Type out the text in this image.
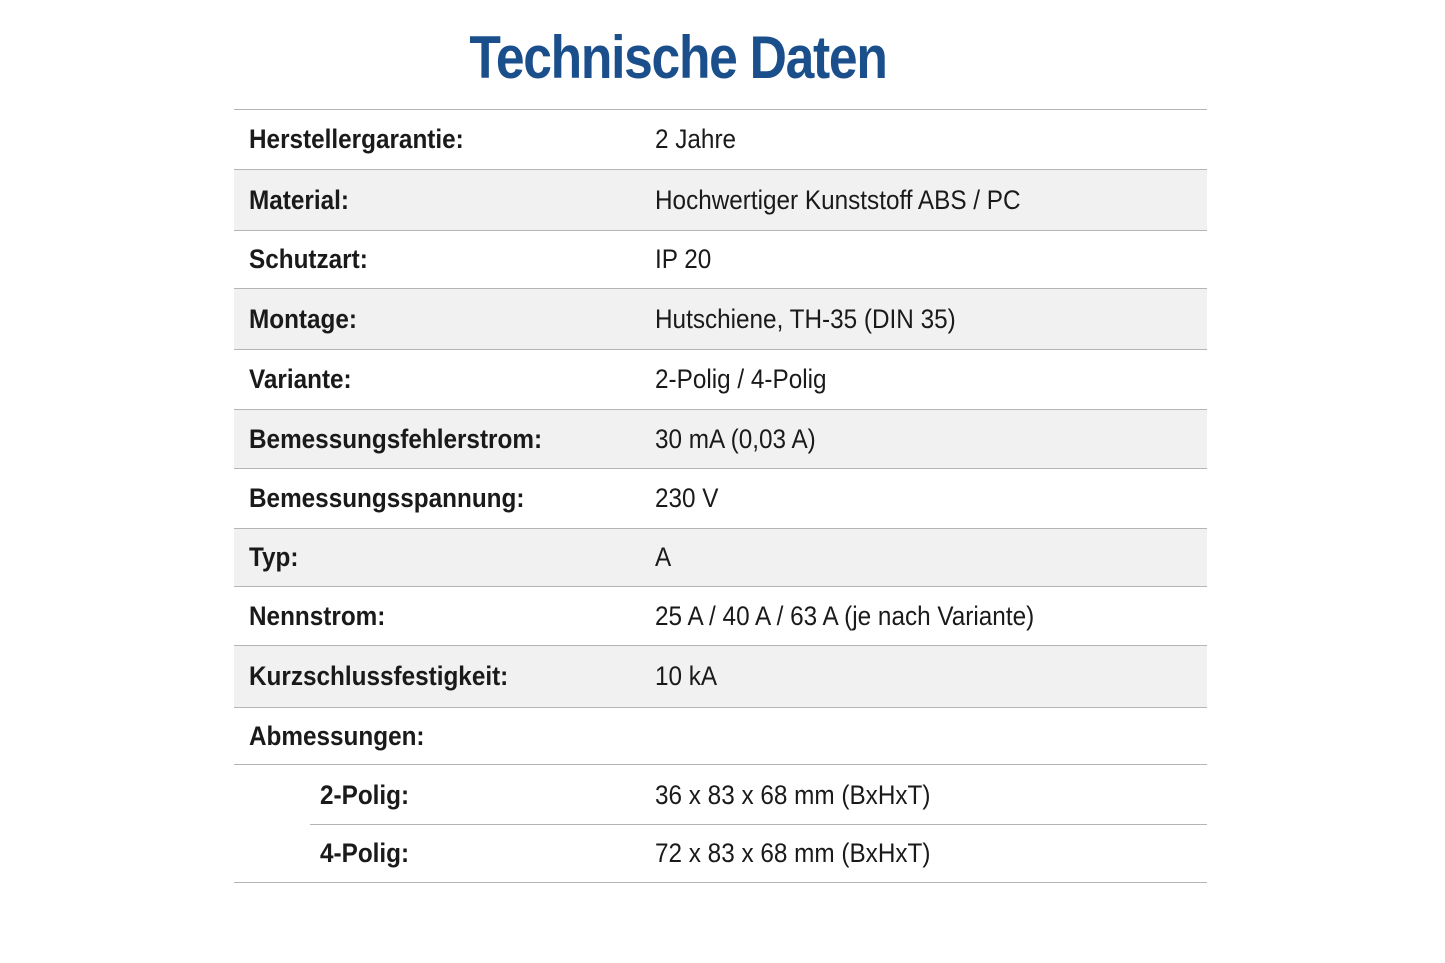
Technische Daten
Herstellergarantie:	2 Jahre
Material:	Hochwertiger Kunststoff ABS / PC
Schutzart:	IP 20
Montage:	Hutschiene, TH-35 (DIN 35)
Variante:	2-Polig / 4-Polig
Bemessungsfehlerstrom:	30 mA (0,03 A)
Bemessungsspannung:	230 V
Typ:	A
Nennstrom:	25 A / 40 A / 63 A (je nach Variante)
Kurzschlussfestigkeit:	10 kA
Abmessungen:
2-Polig:	36 x 83 x 68 mm (BxHxT)
4-Polig:	72 x 83 x 68 mm (BxHxT)
